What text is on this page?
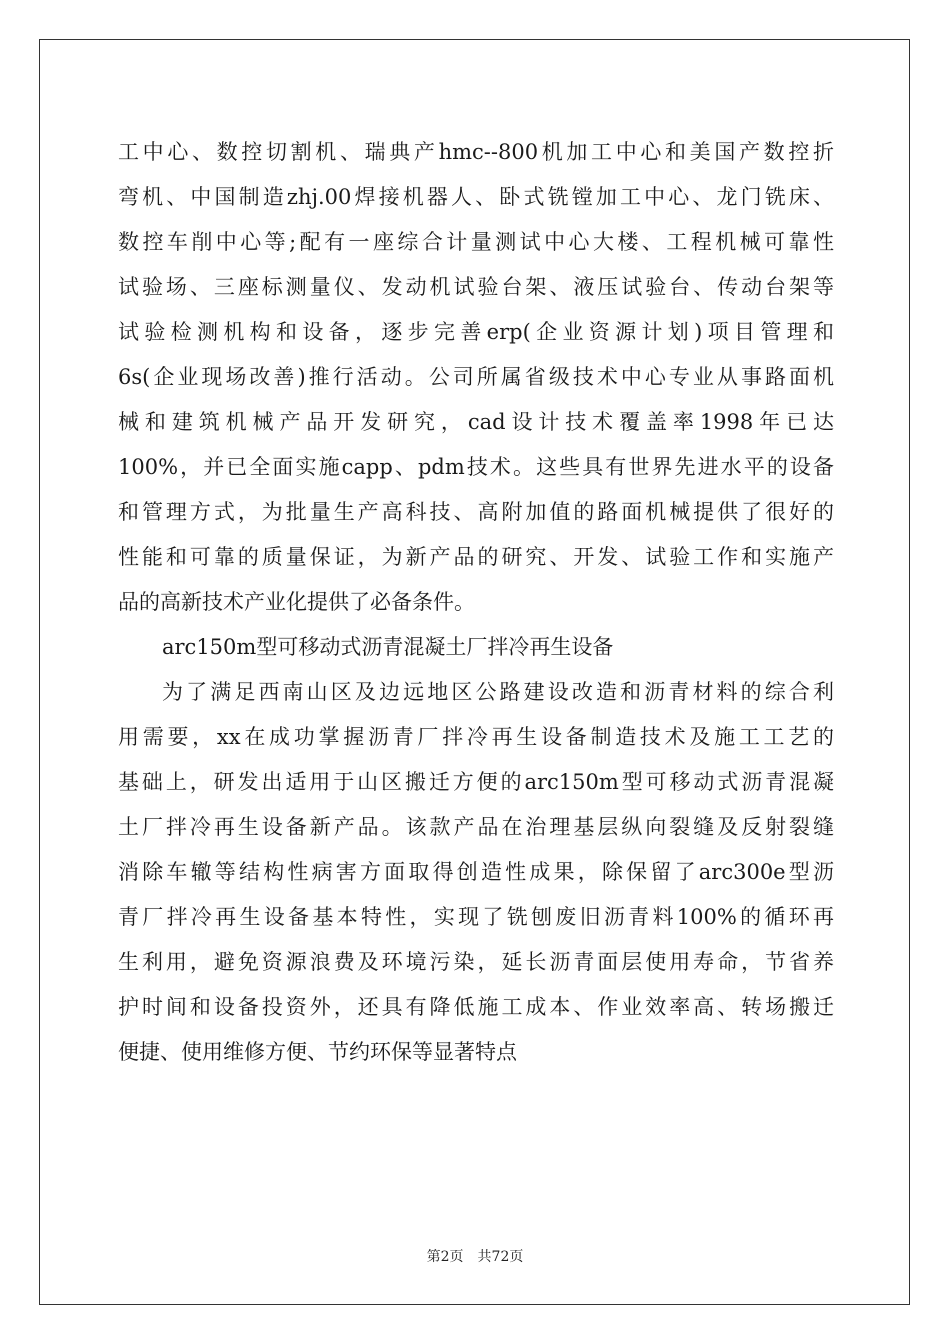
工中心、数控切割机、瑞典产hmc--800机加工中心和美国产数控折
弯机、中国制造zhj.00焊接机器人、卧式铣镗加工中心、龙门铣床、
数控车削中心等;配有一座综合计量测试中心大楼、工程机械可靠性
试验场、三座标测量仪、发动机试验台架、液压试验台、传动台架等
试验检测机构和设备，逐步完善erp(企业资源计划)项目管理和
6s(企业现场改善)推行活动。公司所属省级技术中心专业从事路面机
械和建筑机械产品开发研究，cad设计技术覆盖率1998年已达
100%，并已全面实施capp、pdm技术。这些具有世界先进水平的设备
和管理方式，为批量生产高科技、高附加值的路面机械提供了很好的
性能和可靠的质量保证，为新产品的研究、开发、试验工作和实施产
品的高新技术产业化提供了必备条件。
arc150m型可移动式沥青混凝土厂拌冷再生设备
为了满足西南山区及边远地区公路建设改造和沥青材料的综合利
用需要，xx在成功掌握沥青厂拌冷再生设备制造技术及施工工艺的
基础上，研发出适用于山区搬迁方便的arc150m型可移动式沥青混凝
土厂拌冷再生设备新产品。该款产品在治理基层纵向裂缝及反射裂缝
消除车辙等结构性病害方面取得创造性成果，除保留了arc300e型沥
青厂拌冷再生设备基本特性，实现了铣刨废旧沥青料100%的循环再
生利用，避免资源浪费及环境污染，延长沥青面层使用寿命，节省养
护时间和设备投资外，还具有降低施工成本、作业效率高、转场搬迁
便捷、使用维修方便、节约环保等显著特点
第2页 共72页
